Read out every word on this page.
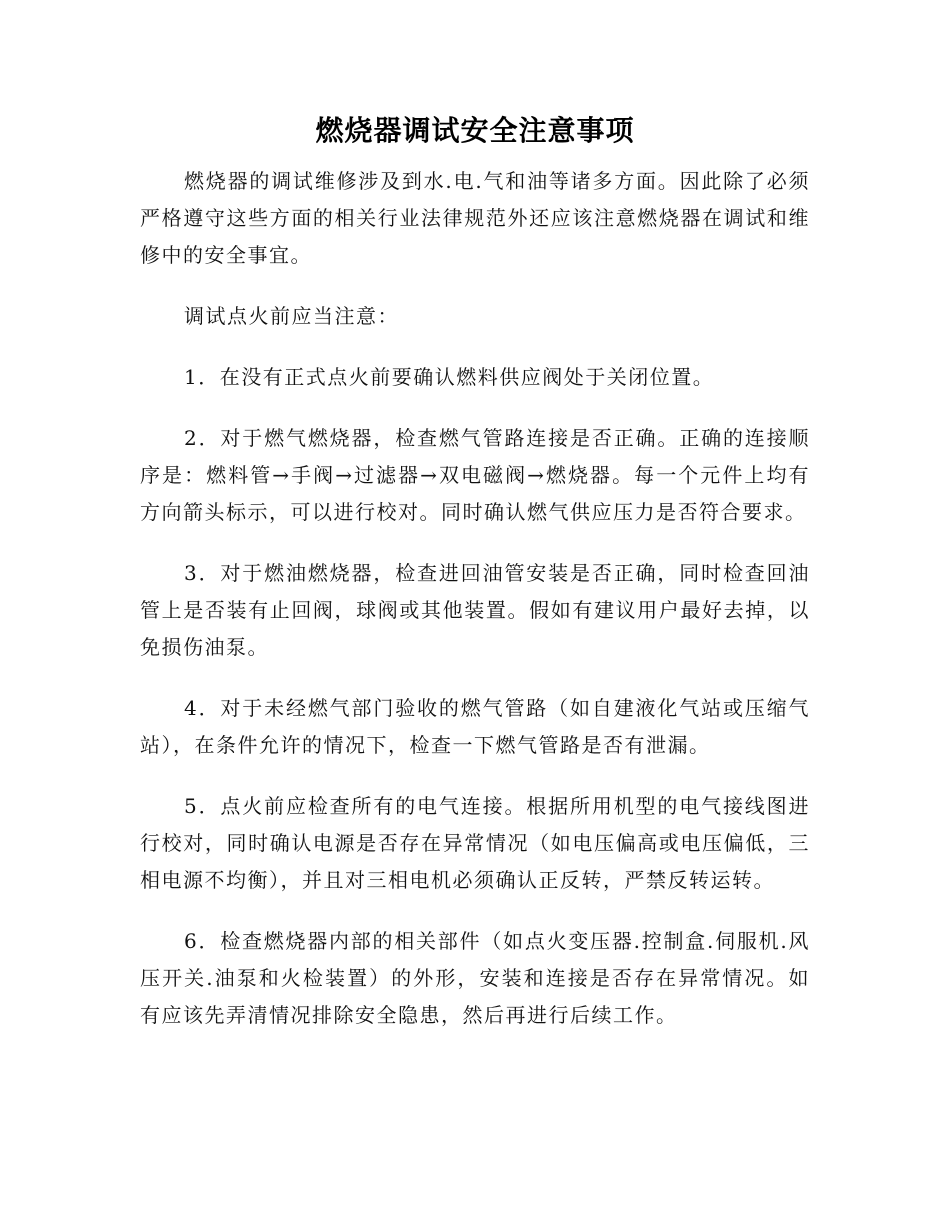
燃烧器调试安全注意事项

燃烧器的调试维修涉及到水.电.气和油等诸多方面。因此除了必须严格遵守这些方面的相关行业法律规范外还应该注意燃烧器在调试和维修中的安全事宜。

调试点火前应当注意：

1．在没有正式点火前要确认燃料供应阀处于关闭位置。

2．对于燃气燃烧器，检查燃气管路连接是否正确。正确的连接顺序是：燃料管→手阀→过滤器→双电磁阀→燃烧器。每一个元件上均有方向箭头标示，可以进行校对。同时确认燃气供应压力是否符合要求。

3．对于燃油燃烧器，检查进回油管安装是否正确，同时检查回油管上是否装有止回阀，球阀或其他装置。假如有建议用户最好去掉，以免损伤油泵。

4．对于未经燃气部门验收的燃气管路（如自建液化气站或压缩气站），在条件允许的情况下，检查一下燃气管路是否有泄漏。

5．点火前应检查所有的电气连接。根据所用机型的电气接线图进行校对，同时确认电源是否存在异常情况（如电压偏高或电压偏低，三相电源不均衡），并且对三相电机必须确认正反转，严禁反转运转。

6．检查燃烧器内部的相关部件（如点火变压器.控制盒.伺服机.风压开关.油泵和火检装置）的外形，安装和连接是否存在异常情况。如有应该先弄清情况排除安全隐患，然后再进行后续工作。
